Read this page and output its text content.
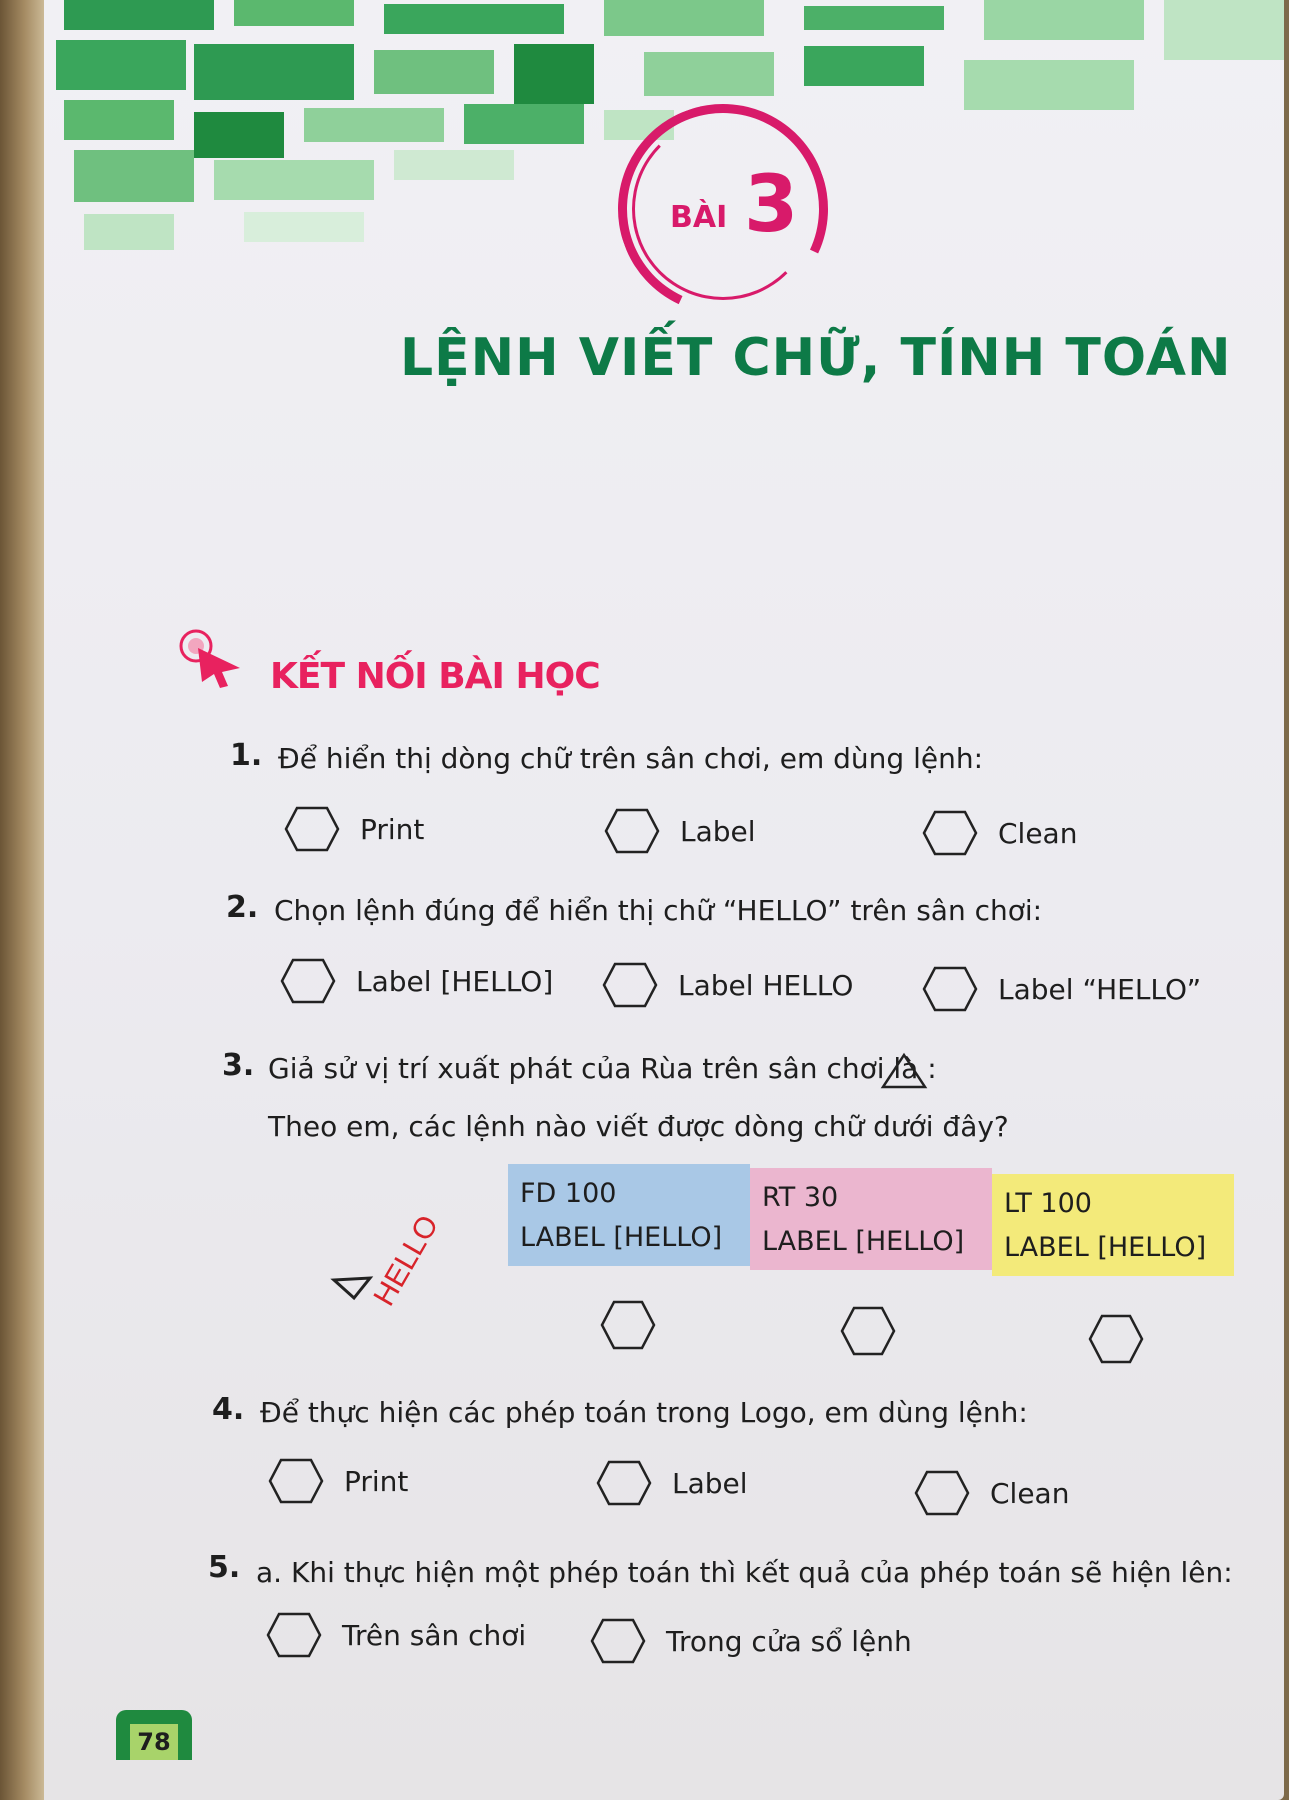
BÀI 3
LỆNH VIẾT CHỮ, TÍNH TOÁN
KẾT NỐI BÀI HỌC
1. Để hiển thị dòng chữ trên sân chơi, em dùng lệnh:
Print	Label	Clean
2. Chọn lệnh đúng để hiển thị chữ “HELLO” trên sân chơi:
Label [HELLO]	Label HELLO	Label “HELLO”
3. Giả sử vị trí xuất phát của Rùa trên sân chơi là :
Theo em, các lệnh nào viết được dòng chữ dưới đây?
HELLO
FD 100
LABEL [HELLO]
RT 30
LABEL [HELLO]
LT 100
LABEL [HELLO]
4. Để thực hiện các phép toán trong Logo, em dùng lệnh:
Print	Label	Clean
5. a. Khi thực hiện một phép toán thì kết quả của phép toán sẽ hiện lên:
Trên sân chơi	Trong cửa sổ lệnh
78
